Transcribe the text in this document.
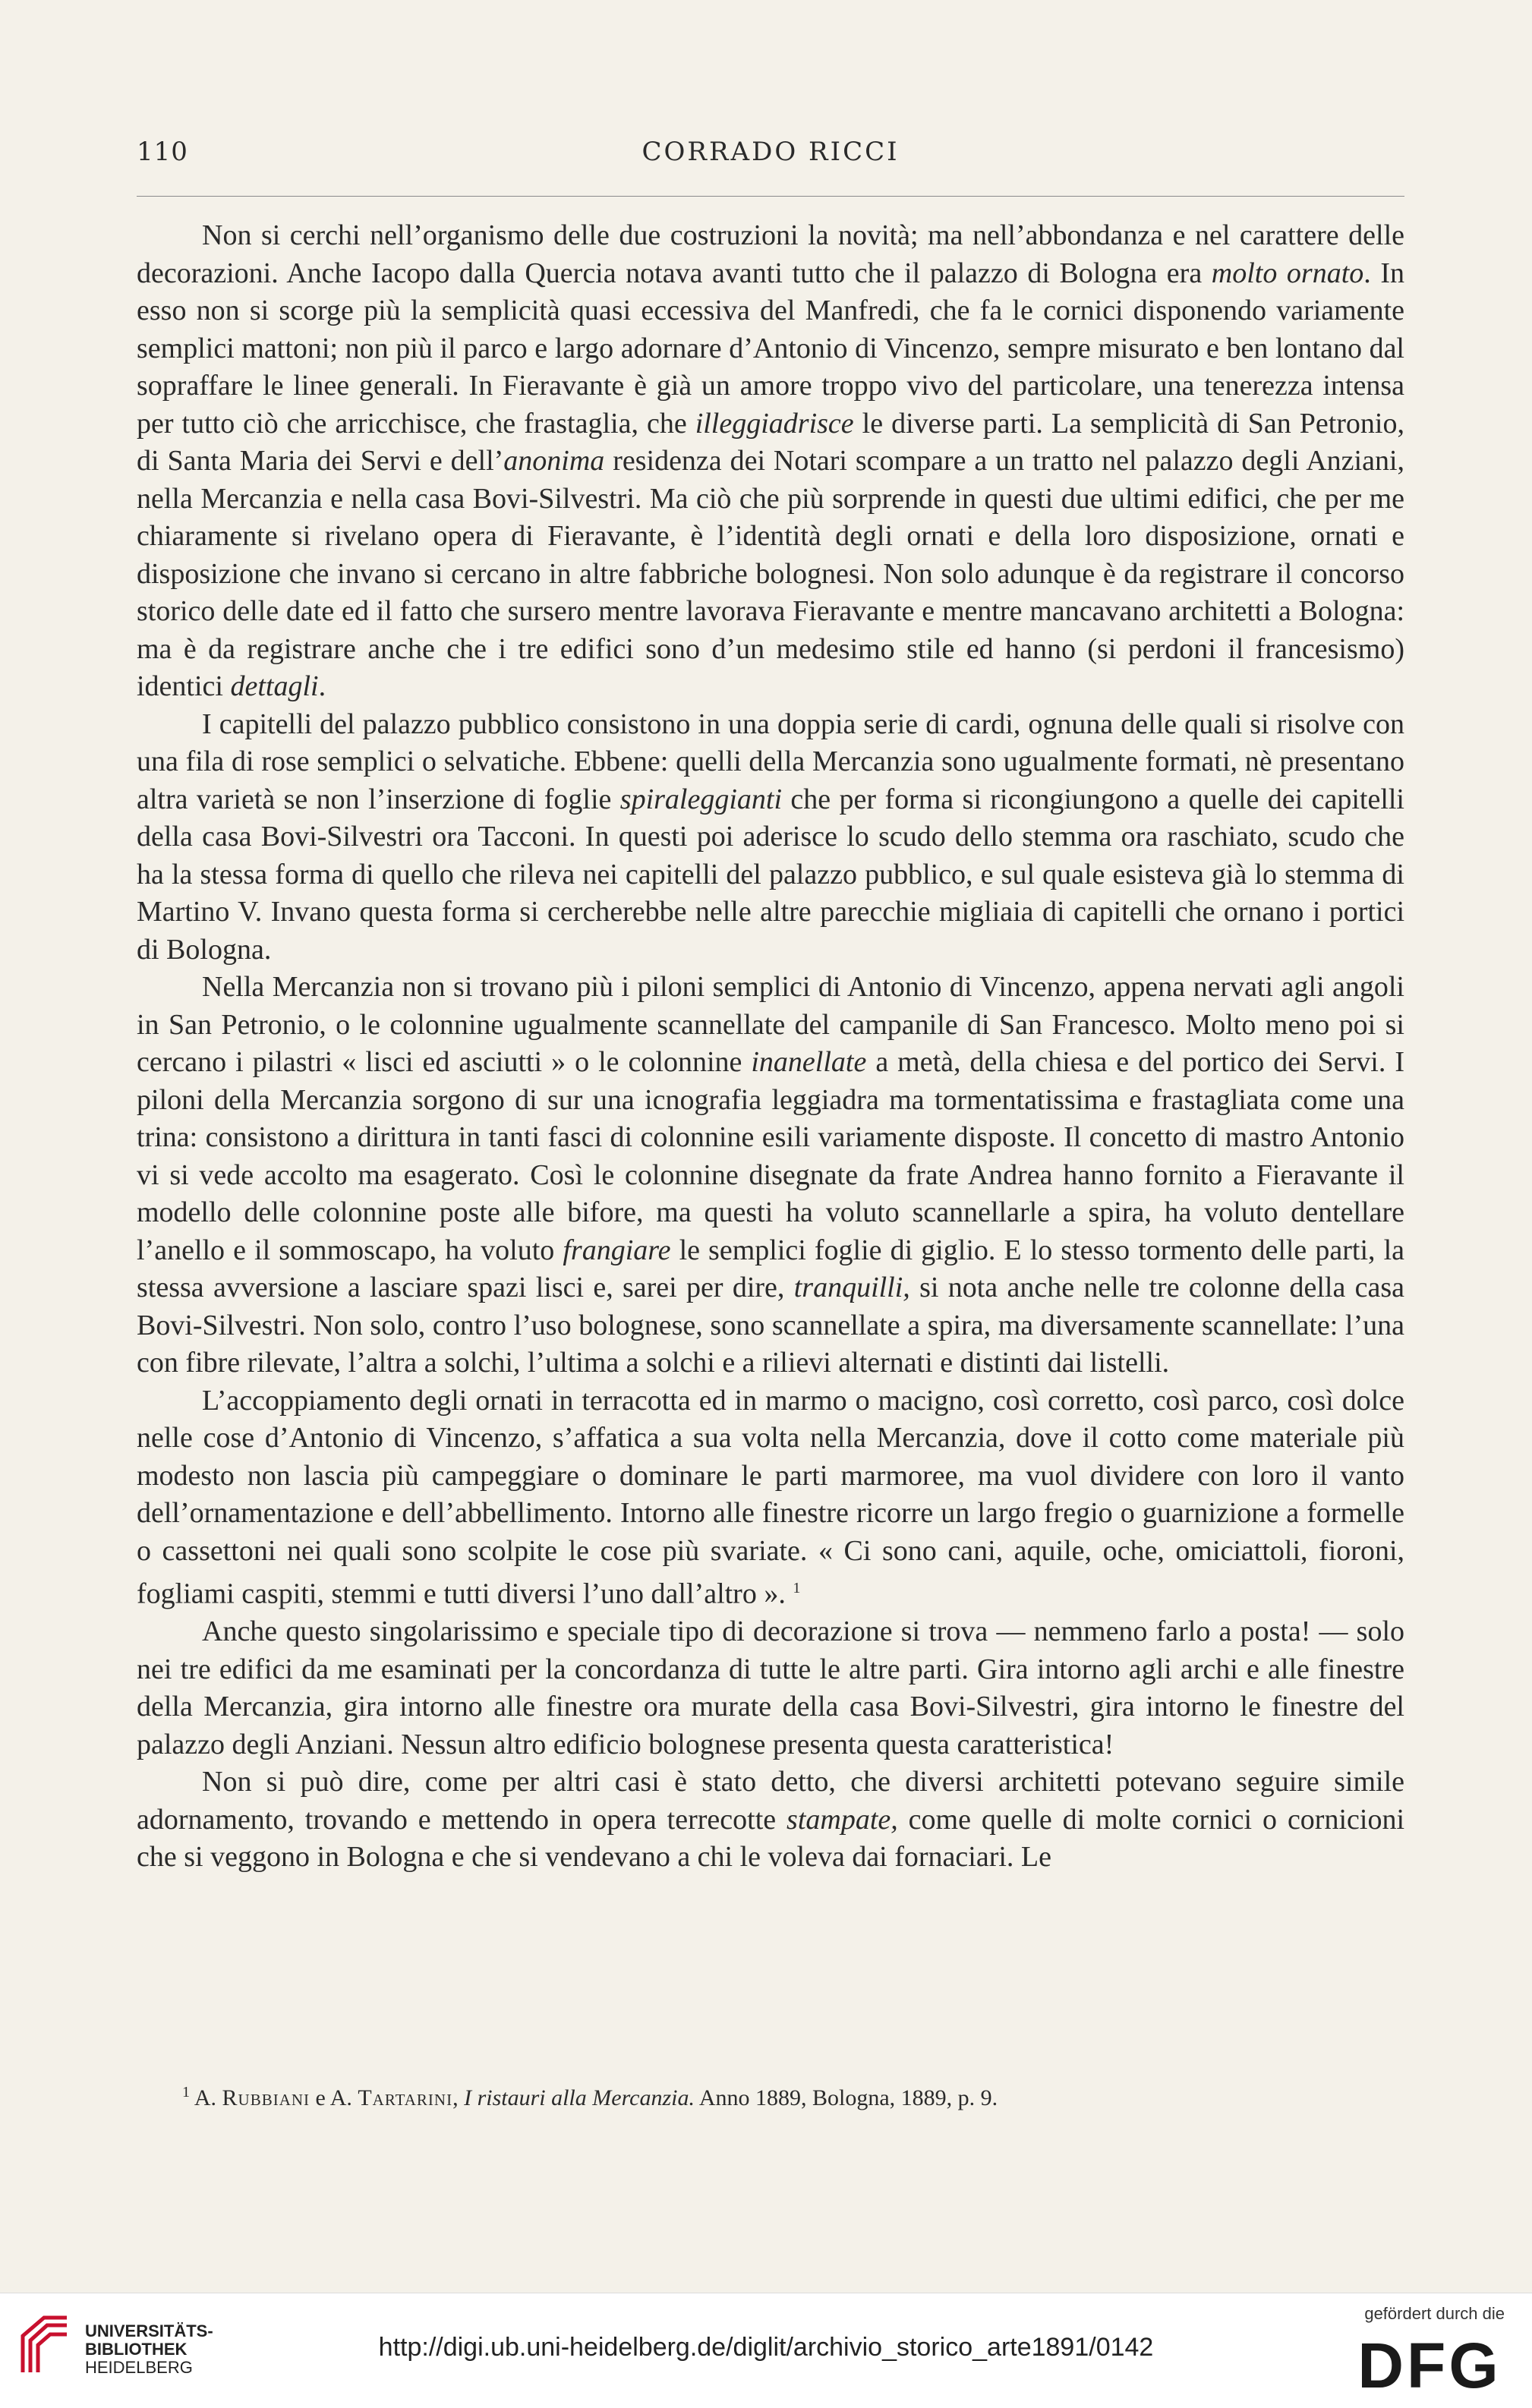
110	CORRADO RICCI

Non si cerchi nell’organismo delle due costruzioni la novità; ma nell’abbondanza e nel carattere delle decorazioni. Anche Iacopo dalla Quercia notava avanti tutto che il palazzo di Bologna era molto ornato. In esso non si scorge più la semplicità quasi eccessiva del Manfredi, che fa le cornici disponendo variamente semplici mattoni; non più il parco e largo adornare d’Antonio di Vincenzo, sempre misurato e ben lontano dal sopraffare le linee generali. In Fieravante è già un amore troppo vivo del particolare, una tenerezza intensa per tutto ciò che arricchisce, che frastaglia, che illeggiadrisce le diverse parti. La semplicità di San Petronio, di Santa Maria dei Servi e dell’anonima residenza dei Notari scompare a un tratto nel palazzo degli Anziani, nella Mercanzia e nella casa Bovi-Silvestri. Ma ciò che più sorprende in questi due ultimi edifici, che per me chiaramente si rivelano opera di Fieravante, è l’identità degli ornati e della loro disposizione, ornati e disposizione che invano si cercano in altre fabbriche bolognesi. Non solo adunque è da registrare il concorso storico delle date ed il fatto che sursero mentre lavorava Fieravante e mentre mancavano architetti a Bologna: ma è da registrare anche che i tre edifici sono d’un medesimo stile ed hanno (si perdoni il francesismo) identici dettagli.

I capitelli del palazzo pubblico consistono in una doppia serie di cardi, ognuna delle quali si risolve con una fila di rose semplici o selvatiche. Ebbene: quelli della Mercanzia sono ugualmente formati, nè presentano altra varietà se non l’inserzione di foglie spiraleggianti che per forma si ricongiungono a quelle dei capitelli della casa Bovi-Silvestri ora Tacconi. In questi poi aderisce lo scudo dello stemma ora raschiato, scudo che ha la stessa forma di quello che rileva nei capitelli del palazzo pubblico, e sul quale esisteva già lo stemma di Martino V. Invano questa forma si cercherebbe nelle altre parecchie migliaia di capitelli che ornano i portici di Bologna.

Nella Mercanzia non si trovano più i piloni semplici di Antonio di Vincenzo, appena nervati agli angoli in San Petronio, o le colonnine ugualmente scannellate del campanile di San Francesco. Molto meno poi si cercano i pilastri « lisci ed asciutti » o le colonnine inanellate a metà, della chiesa e del portico dei Servi. I piloni della Mercanzia sorgono di sur una icnografia leggiadra ma tormentatissima e frastagliata come una trina: consistono a dirittura in tanti fasci di colonnine esili variamente disposte. Il concetto di mastro Antonio vi si vede accolto ma esagerato. Così le colonnine disegnate da frate Andrea hanno fornito a Fieravante il modello delle colonnine poste alle bifore, ma questi ha voluto scannellarle a spira, ha voluto dentellare l’anello e il sommoscapo, ha voluto frangiare le semplici foglie di giglio. E lo stesso tormento delle parti, la stessa avversione a lasciare spazi lisci e, sarei per dire, tranquilli, si nota anche nelle tre colonne della casa Bovi-Silvestri. Non solo, contro l’uso bolognese, sono scannellate a spira, ma diversamente scannellate: l’una con fibre rilevate, l’altra a solchi, l’ultima a solchi e a rilievi alternati e distinti dai listelli.

L’accoppiamento degli ornati in terracotta ed in marmo o macigno, così corretto, così parco, così dolce nelle cose d’Antonio di Vincenzo, s’affatica a sua volta nella Mercanzia, dove il cotto come materiale più modesto non lascia più campeggiare o dominare le parti marmoree, ma vuol dividere con loro il vanto dell’ornamentazione e dell’abbellimento. Intorno alle finestre ricorre un largo fregio o guarnizione a formelle o cassettoni nei quali sono scolpite le cose più svariate. « Ci sono cani, aquile, oche, omiciattoli, fioroni, fogliami caspiti, stemmi e tutti diversi l’uno dall’altro ». $^1$

Anche questo singolarissimo e speciale tipo di decorazione si trova — nemmeno farlo a posta! — solo nei tre edifici da me esaminati per la concordanza di tutte le altre parti. Gira intorno agli archi e alle finestre della Mercanzia, gira intorno alle finestre ora murate della casa Bovi-Silvestri, gira intorno le finestre del palazzo degli Anziani. Nessun altro edificio bolognese presenta questa caratteristica!

Non si può dire, come per altri casi è stato detto, che diversi architetti potevano seguire simile adornamento, trovando e mettendo in opera terrecotte stampate, come quelle di molte cornici o cornicioni che si veggono in Bologna e che si vendevano a chi le voleva dai fornaciari. Le

$^1$ A. Rubbiani e A. Tartarini, I ristauri alla Mercanzia. Anno 1889, Bologna, 1889, p. 9.
UNIVERSITÄTS-
BIBLIOTHEK
HEIDELBERG
http://digi.ub.uni-heidelberg.de/diglit/archivio_storico_arte1891/0142
gefördert durch die
DFG
